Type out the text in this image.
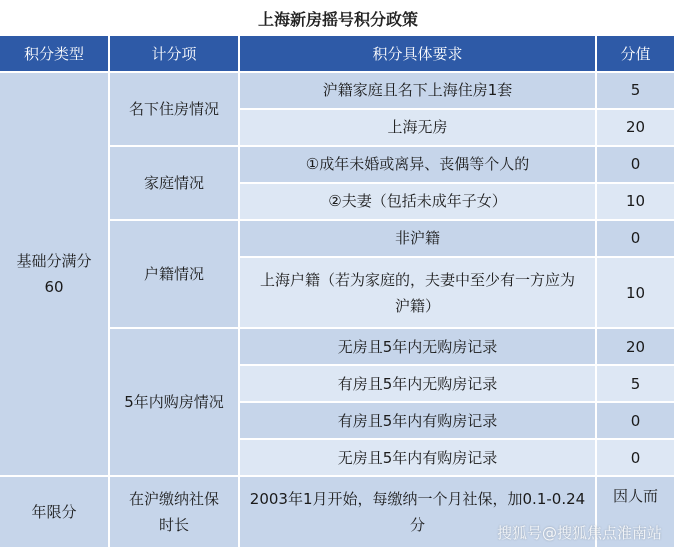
上海新房摇号积分政策
积分类型	计分项	积分具体要求	分值
基础分满分60	名下住房情况	沪籍家庭且名下上海住房1套	5
		上海无房	20
	家庭情况	①成年未婚或离异、丧偶等个人的	0
		②夫妻（包括未成年子女）	10
	户籍情况	非沪籍	0
		上海户籍（若为家庭的，夫妻中至少有一方应为沪籍）	10
	5年内购房情况	无房且5年内无购房记录	20
		有房且5年内无购房记录	5
		有房且5年内有购房记录	0
		无房且5年内有购房记录	0
年限分	在沪缴纳社保时长	2003年1月开始，每缴纳一个月社保，加0.1-0.24分	因人而
搜狐号@搜狐焦点淮南站
